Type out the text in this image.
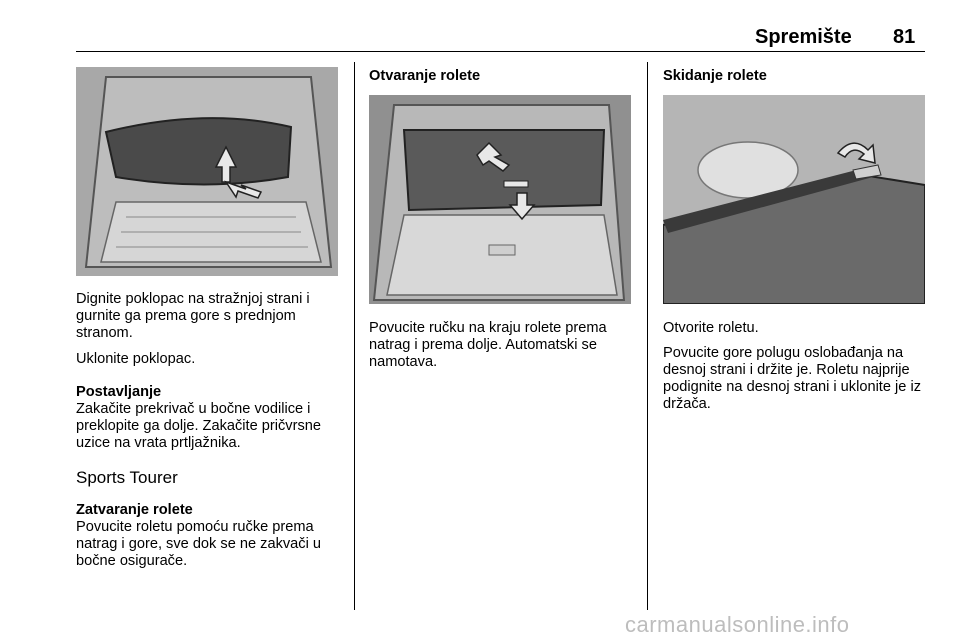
Spremište 81

Dignite poklopac na stražnjoj strani i gurnite ga prema gore s prednjom stranom.

Uklonite poklopac.

Postavljanje

Zakačite prekrivač u bočne vodilice i preklopite ga dolje. Zakačite pričvrsne uzice na vrata prtljažnika.

Sports Tourer

Zatvaranje rolete

Povucite roletu pomoću ručke prema natrag i gore, sve dok se ne zakvači u bočne osigurače.

Otvaranje rolete

Povucite ručku na kraju rolete prema natrag i prema dolje. Automatski se namotava.

Skidanje rolete

Otvorite roletu.

Povucite gore polugu oslobađanja na desnoj strani i držite je. Roletu najprije podignite na desnoj strani i uklonite je iz držača.

carmanualsonline.info
